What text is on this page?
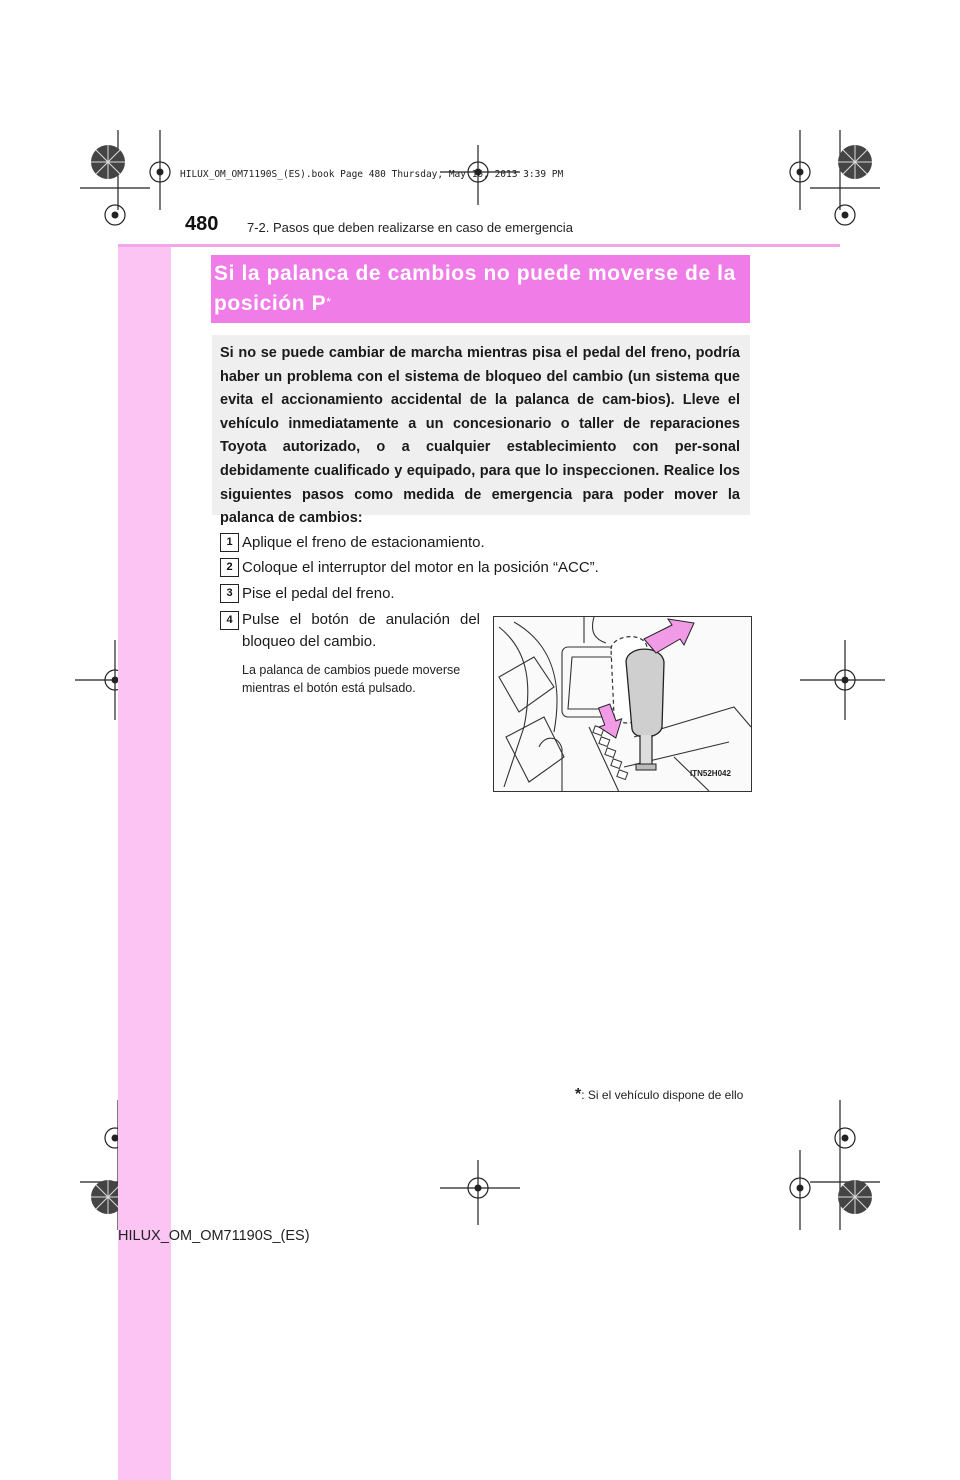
HILUX_OM_OM71190S_(ES).book Page 480 Thursday, May 16, 2013 3:39 PM
480 7-2. Pasos que deben realizarse en caso de emergencia
Si la palanca de cambios no puede moverse de la posición P*
Si no se puede cambiar de marcha mientras pisa el pedal del freno, podría haber un problema con el sistema de bloqueo del cambio (un sistema que evita el accionamiento accidental de la palanca de cam-bios). Lleve el vehículo inmediatamente a un concesionario o taller de reparaciones Toyota autorizado, o a cualquier establecimiento con per-sonal debidamente cualificado y equipado, para que lo inspeccionen. Realice los siguientes pasos como medida de emergencia para poder mover la palanca de cambios:
1 Aplique el freno de estacionamiento.
2 Coloque el interruptor del motor en la posición “ACC”.
3 Pise el pedal del freno.
4 Pulse el botón de anulación del bloqueo del cambio.
La palanca de cambios puede moverse mientras el botón está pulsado.
ITN52H042
*: Si el vehículo dispone de ello
HILUX_OM_OM71190S_(ES)
